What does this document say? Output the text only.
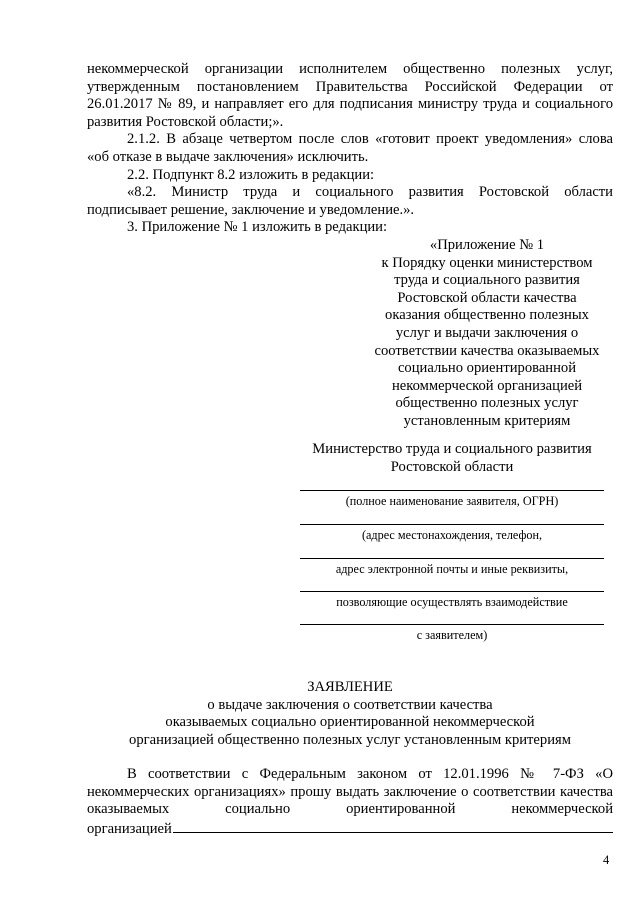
некоммерческой организации исполнителем общественно полезных услуг, утвержденным постановлением Правительства Российской Федерации от 26.01.2017 № 89, и направляет его для подписания министру труда и социального развития Ростовской области;».

2.1.2. В абзаце четвертом после слов «готовит проект уведомления» слова «об отказе в выдаче заключения» исключить.

2.2. Подпункт 8.2 изложить в редакции:

«8.2. Министр труда и социального развития Ростовской области подписывает решение, заключение и уведомление.».

3. Приложение № 1 изложить в редакции:

«Приложение № 1
к Порядку оценки министерством
труда и социального развития
Ростовской области качества
оказания общественно полезных
услуг и выдачи заключения о
соответствии качества оказываемых
социально ориентированной
некоммерческой организацией
общественно полезных услуг
установленным критериям
Министерство труда и социального развития
Ростовской области
(полное наименование заявителя, ОГРН)
(адрес местонахождения, телефон,
адрес электронной почты и иные реквизиты,
позволяющие осуществлять взаимодействие
с заявителем)
ЗАЯВЛЕНИЕ
о выдаче заключения о соответствии качества
оказываемых социально ориентированной некоммерческой
организацией общественно полезных услуг установленным критериям

В соответствии с Федеральным законом от 12.01.1996 № 7-ФЗ «О некоммерческих организациях» прошу выдать заключение о соответствии качества оказываемых социально ориентированной некоммерческой

организацией
4
